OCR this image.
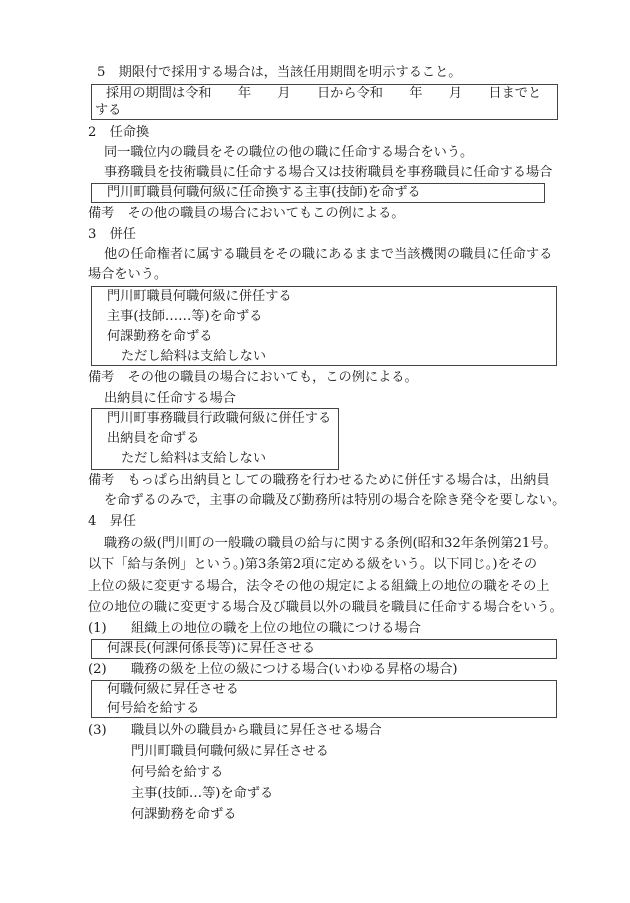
5　期限付で採用する場合は，当該任用期間を明示すること。
採用の期間は令和　　年　　月　　日から令和　　年　　月　　日までと
する
2　任命換
同一職位内の職員をその職位の他の職に任命する場合をいう。
事務職員を技術職員に任命する場合又は技術職員を事務職員に任命する場合
門川町職員何職何級に任命換する主事(技師)を命ずる
備考　その他の職員の場合においてもこの例による。
3　併任
他の任命権者に属する職員をその職にあるままで当該機関の職員に任命する
場合をいう。
門川町職員何職何級に併任する
主事(技師……等)を命ずる
何課勤務を命ずる
ただし給料は支給しない
備考　その他の職員の場合においても，この例による。
出納員に任命する場合
門川町事務職員行政職何級に併任する
出納員を命ずる
ただし給料は支給しない
備考　もっぱら出納員としての職務を行わせるために併任する場合は，出納員
を命ずるのみで，主事の命職及び勤務所は特別の場合を除き発令を要しない。
4　昇任
職務の級(門川町の一般職の職員の給与に関する条例(昭和32年条例第21号。
以下「給与条例」という。)第3条第2項に定める級をいう。以下同じ。)をその
上位の級に変更する場合，法令その他の規定による組織上の地位の職をその上
位の地位の職に変更する場合及び職員以外の職員を職員に任命する場合をいう。
(1) 組織上の地位の職を上位の地位の職につける場合
何課長(何課何係長等)に昇任させる
(2) 職務の級を上位の級につける場合(いわゆる昇格の場合)
何職何級に昇任させる
何号給を給する
(3) 職員以外の職員から職員に昇任させる場合
門川町職員何職何級に昇任させる
何号給を給する
主事(技師…等)を命ずる
何課勤務を命ずる
